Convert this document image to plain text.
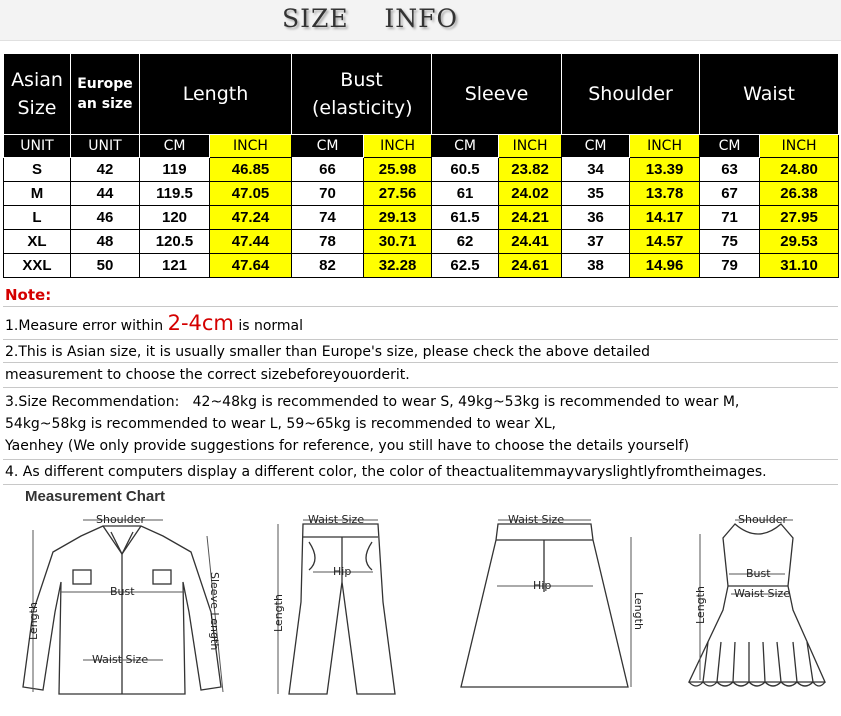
SIZE    INFO
Asian Size	Europe an size	Length		Bust (elasticity)		Sleeve		Shoulder		Waist	
UNIT	UNIT	CM	INCH	CM	INCH	CM	INCH	CM	INCH	CM	INCH
S	42	119	46.85	66	25.98	60.5	23.82	34	13.39	63	24.80
M	44	119.5	47.05	70	27.56	61	24.02	35	13.78	67	26.38
L	46	120	47.24	74	29.13	61.5	24.21	36	14.17	71	27.95
XL	48	120.5	47.44	78	30.71	62	24.41	37	14.57	75	29.53
XXL	50	121	47.64	82	32.28	62.5	24.61	38	14.96	79	31.10
Note:
1.Measure error within 2-4cm is normal
2.This is Asian size, it is usually smaller than Europe's size, please check the above detailed
measurement to choose the correct sizebeforeyouorderit.
3.Size Recommendation:   42~48kg is recommended to wear S, 49kg~53kg is recommended to wear M,
54kg~58kg is recommended to wear L, 59~65kg is recommended to wear XL,
Yaenhey (We only provide suggestions for reference, you still have to choose the details yourself)
4. As different computers display a different color, the color of theactualitemmayvaryslightlyfromtheimages.
Measurement Chart
Shoulder
Bust
Waist Size
Length	Sleeve Length
Waist Size
Hip
Length
Waist Size
Hip
Length
Shoulder
Bust
Waist Size
Length
